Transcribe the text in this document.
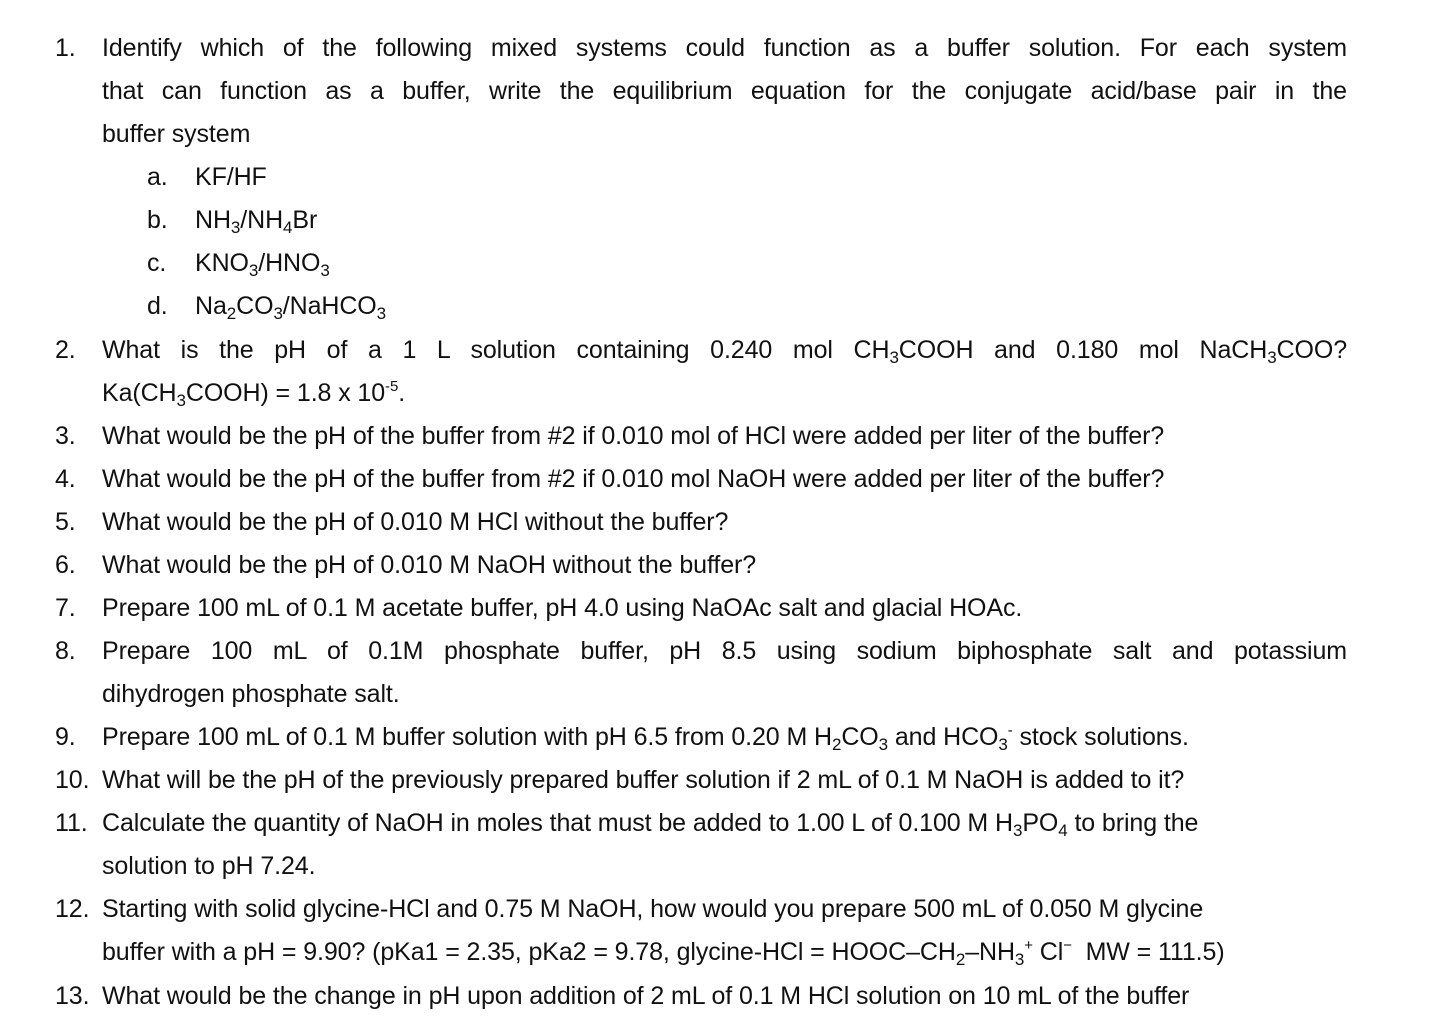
1.	Identify which of the following mixed systems could function as a buffer solution. For each system
that can function as a buffer, write the equilibrium equation for the conjugate acid/base pair in the
buffer system
a. KF/HF
b. $NH_3/NH_4Br$
c. $KNO_3/HNO_3$
d. $Na_2CO_3/NaHCO_3$
2.	What is the pH of a 1 L solution containing 0.240 mol $CH_3COOH$ and 0.180 mol NaCH$_3$COO?
$Ka(CH_3COOH) = 1.8$ x $10^{-5}$.
3.	What would be the pH of the buffer from #2 if 0.010 mol of HCl were added per liter of the buffer?
4.	What would be the pH of the buffer from #2 if 0.010 mol NaOH were added per liter of the buffer?
5.	What would be the pH of 0.010 M HCl without the buffer?
6.	What would be the pH of 0.010 M NaOH without the buffer?
7.	Prepare 100 mL of 0.1 M acetate buffer, pH 4.0 using NaOAc salt and glacial HOAc.
8.	Prepare 100 mL of 0.1M phosphate buffer, pH 8.5 using sodium biphosphate salt and potassium
dihydrogen phosphate salt.
9.	Prepare 100 mL of 0.1 M buffer solution with pH 6.5 from 0.20 M $H_2CO_3$ and $HCO_3^-$ stock solutions.
10. What will be the pH of the previously prepared buffer solution if 2 mL of 0.1 M NaOH is added to it?
11. Calculate the quantity of NaOH in moles that must be added to 1.00 L of 0.100 M $H_3PO_4$ to bring the
solution to pH 7.24.
12. Starting with solid glycine-HCl and 0.75 M NaOH, how would you prepare 500 mL of 0.050 M glycine
buffer with a pH = 9.90? (pKa1 = 2.35, pKa2 = 9.78, glycine-HCl = HOOC–$CH_2-NH_3^+$ Cl−  MW = 111.5)
13. What would be the change in pH upon addition of 2 mL of 0.1 M HCl solution on 10 mL of the buffer
